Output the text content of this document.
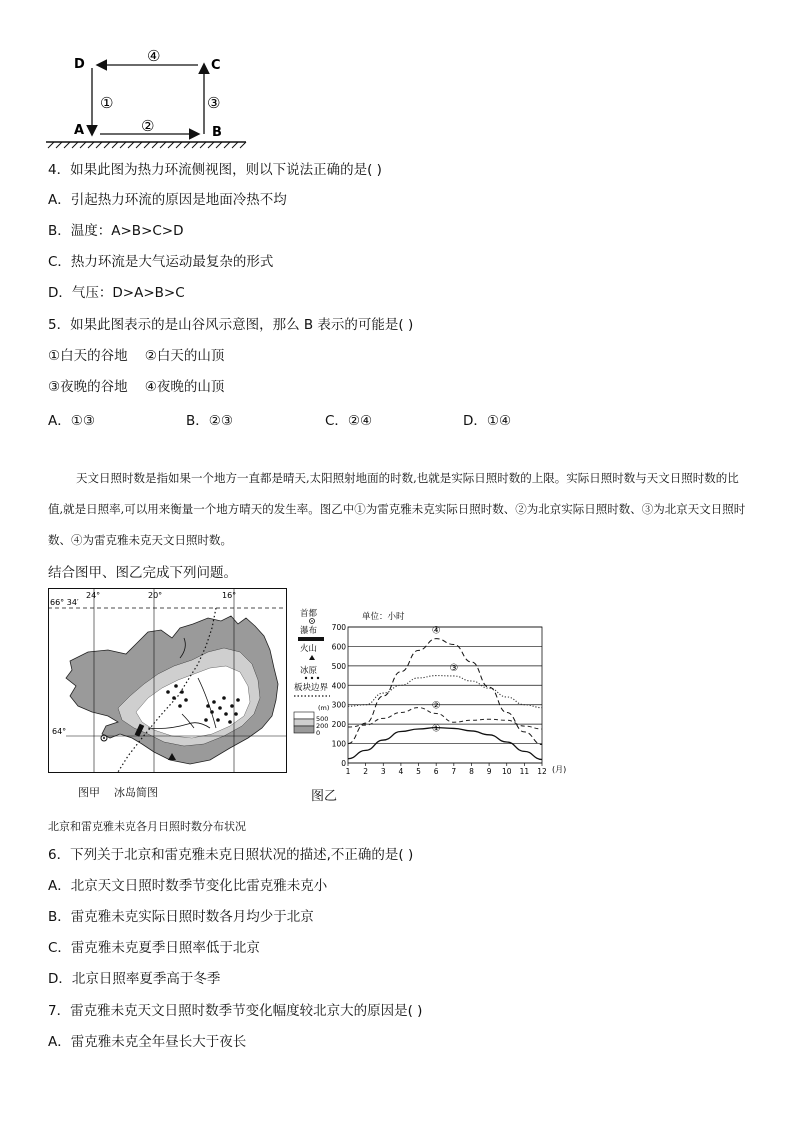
D	C
A	B
④
①	③
②
4．如果此图为热力环流侧视图，则以下说法正确的是( )
A．引起热力环流的原因是地面冷热不均
B．温度：A>B>C>D
C．热力环流是大气运动最复杂的形式
D．气压：D>A>B>C
5．如果此图表示的是山谷风示意图，那么 B 表示的可能是( )
①白天的谷地    ②白天的山顶
③夜晚的谷地    ④夜晚的山顶
A．①③	B．②③	C．②④	D．①④
天文日照时数是指如果一个地方一直都是晴天,太阳照射地面的时数,也就是实际日照时数的上限。实际日照时数与天文日照时数的比值,就是日照率,可以用来衡量一个地方晴天的发生率。图乙中①为雷克雅未克实际日照时数、②为北京实际日照时数、③为北京天文日照时数、④为雷克雅未克天文日照时数。
结合图甲、图乙完成下列问题。
66° 34′
64°
24°	20°	16°
首都
瀑布
火山
冰原
板块边界
(m)
500
200
0
图甲    冰岛简图
单位：小时
0
100
200
300
400
500
600
700
1 2 3 4 5 6 7 8 9 10 11 12
①
②
③
④
(月)
图乙
北京和雷克雅未克各月日照时数分布状况
6．下列关于北京和雷克雅未克日照状况的描述,不正确的是( )
A．北京天文日照时数季节变化比雷克雅未克小
B．雷克雅未克实际日照时数各月均少于北京
C．雷克雅未克夏季日照率低于北京
D．北京日照率夏季高于冬季
7．雷克雅未克天文日照时数季节变化幅度较北京大的原因是( )
A．雷克雅未克全年昼长大于夜长
